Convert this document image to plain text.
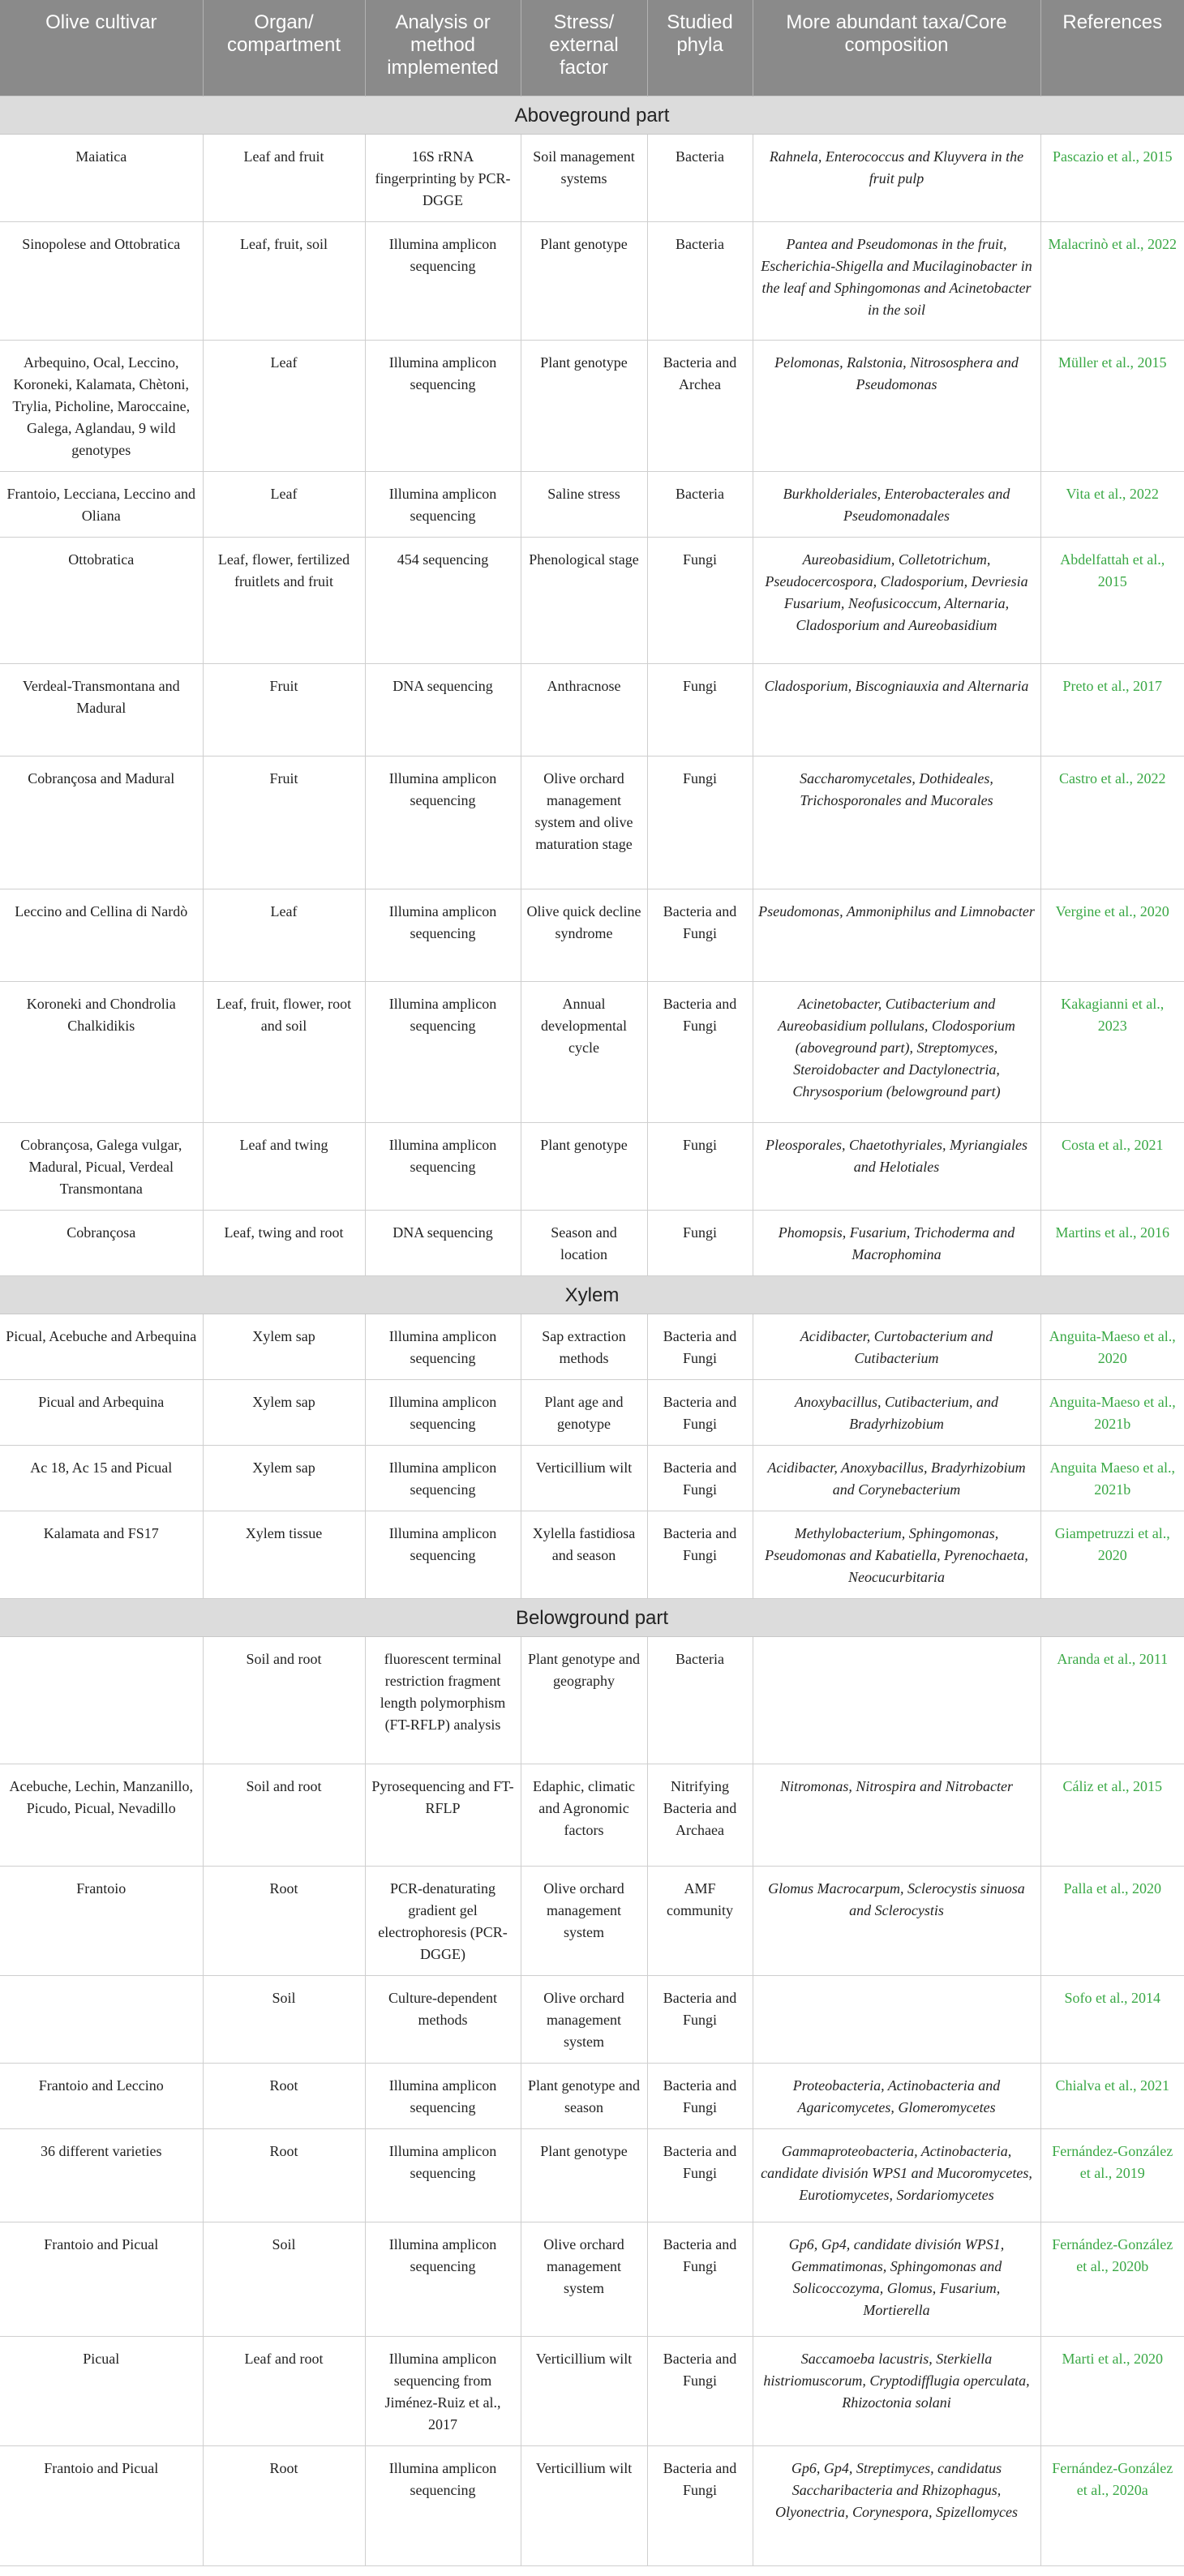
Olive cultivar	Organ/ compartment	Analysis or method implemented	Stress/ external factor	Studied phyla	More abundant taxa/Core composition	References
Aboveground part						
Maiatica	Leaf and fruit	16S rRNA fingerprinting by PCR-DGGE	Soil management systems	Bacteria	Rahnela, Enterococcus and Kluyvera in the fruit pulp	Pascazio et al., 2015
Sinopolese and Ottobratica	Leaf, fruit, soil	Illumina amplicon sequencing	Plant genotype	Bacteria	Pantea and Pseudomonas in the fruit, Escherichia-Shigella and Mucilaginobacter in the leaf and Sphingomonas and Acinetobacter in the soil	Malacrinò et al., 2022
Arbequino, Ocal, Leccino, Koroneki, Kalamata, Chètoni, Trylia, Picholine, Maroccaine, Galega, Aglandau, 9 wild genotypes	Leaf	Illumina amplicon sequencing	Plant genotype	Bacteria and Archea	Pelomonas, Ralstonia, Nitrososphera and Pseudomonas	Müller et al., 2015
Frantoio, Lecciana, Leccino and Oliana	Leaf	Illumina amplicon sequencing	Saline stress	Bacteria	Burkholderiales, Enterobacterales and Pseudomonadales	Vita et al., 2022
Ottobratica	Leaf, flower, fertilized fruitlets and fruit	454 sequencing	Phenological stage	Fungi	Aureobasidium, Colletotrichum, Pseudocercospora, Cladosporium, Devriesia Fusarium, Neofusicoccum, Alternaria, Cladosporium and Aureobasidium	Abdelfattah et al., 2015
Verdeal-Transmontana and Madural	Fruit	DNA sequencing	Anthracnose	Fungi	Cladosporium, Biscogniauxia and Alternaria	Preto et al., 2017
Cobrançosa and Madural	Fruit	Illumina amplicon sequencing	Olive orchard management system and olive maturation stage	Fungi	Saccharomycetales, Dothideales, Trichosporonales and Mucorales	Castro et al., 2022
Leccino and Cellina di Nardò	Leaf	Illumina amplicon sequencing	Olive quick decline syndrome	Bacteria and Fungi	Pseudomonas, Ammoniphilus and Limnobacter	Vergine et al., 2020
Koroneki and Chondrolia Chalkidikis	Leaf, fruit, flower, root and soil	Illumina amplicon sequencing	Annual developmental cycle	Bacteria and Fungi	Acinetobacter, Cutibacterium and Aureobasidium pollulans, Clodosporium (aboveground part), Streptomyces, Steroidobacter and Dactylonectria, Chrysosporium (belowground part)	Kakagianni et al., 2023
Cobrançosa, Galega vulgar, Madural, Picual, Verdeal Transmontana	Leaf and twing	Illumina amplicon sequencing	Plant genotype	Fungi	Pleosporales, Chaetothyriales, Myriangiales and Helotiales	Costa et al., 2021
Cobrançosa	Leaf, twing and root	DNA sequencing	Season and location	Fungi	Phomopsis, Fusarium, Trichoderma and Macrophomina	Martins et al., 2016
Xylem						
Picual, Acebuche and Arbequina	Xylem sap	Illumina amplicon sequencing	Sap extraction methods	Bacteria and Fungi	Acidibacter, Curtobacterium and Cutibacterium	Anguita-Maeso et al., 2020
Picual and Arbequina	Xylem sap	Illumina amplicon sequencing	Plant age and genotype	Bacteria and Fungi	Anoxybacillus, Cutibacterium, and Bradyrhizobium	Anguita-Maeso et al., 2021b
Ac 18, Ac 15 and Picual	Xylem sap	Illumina amplicon sequencing	Verticillium wilt	Bacteria and Fungi	Acidibacter, Anoxybacillus, Bradyrhizobium and Corynebacterium	Anguita Maeso et al., 2021b
Kalamata and FS17	Xylem tissue	Illumina amplicon sequencing	Xylella fastidiosa and season	Bacteria and Fungi	Methylobacterium, Sphingomonas, Pseudomonas and Kabatiella, Pyrenochaeta, Neocucurbitaria	Giampetruzzi et al., 2020
Belowground part						
	Soil and root	fluorescent terminal restriction fragment length polymorphism (FT-RFLP) analysis	Plant genotype and geography	Bacteria		Aranda et al., 2011
Acebuche, Lechin, Manzanillo, Picudo, Picual, Nevadillo	Soil and root	Pyrosequencing and FT-RFLP	Edaphic, climatic and Agronomic factors	Nitrifying Bacteria and Archaea	Nitromonas, Nitrospira and Nitrobacter	Cáliz et al., 2015
Frantoio	Root	PCR-denaturating gradient gel electrophoresis (PCR-DGGE)	Olive orchard management system	AMF community	Glomus Macrocarpum, Sclerocystis sinuosa and Sclerocystis	Palla et al., 2020
	Soil	Culture-dependent methods	Olive orchard management system	Bacteria and Fungi		Sofo et al., 2014
Frantoio and Leccino	Root	Illumina amplicon sequencing	Plant genotype and season	Bacteria and Fungi	Proteobacteria, Actinobacteria and Agaricomycetes, Glomeromycetes	Chialva et al., 2021
36 different varieties	Root	Illumina amplicon sequencing	Plant genotype	Bacteria and Fungi	Gammaproteobacteria, Actinobacteria, candidate división WPS1 and Mucoromycetes, Eurotiomycetes, Sordariomycetes	Fernández-González et al., 2019
Frantoio and Picual	Soil	Illumina amplicon sequencing	Olive orchard management system	Bacteria and Fungi	Gp6, Gp4, candidate división WPS1, Gemmatimonas, Sphingomonas and Solicoccozyma, Glomus, Fusarium, Mortierella	Fernández-González et al., 2020b
Picual	Leaf and root	Illumina amplicon sequencing from Jiménez-Ruiz et al., 2017	Verticillium wilt	Bacteria and Fungi	Saccamoeba lacustris, Sterkiella histriomuscorum, Cryptodifflugia operculata, Rhizoctonia solani	Marti et al., 2020
Frantoio and Picual	Root	Illumina amplicon sequencing	Verticillium wilt	Bacteria and Fungi	Gp6, Gp4, Streptimyces, candidatus Saccharibacteria and Rhizophagus, Olyonectria, Corynespora, Spizellomyces	Fernández-González et al., 2020a
